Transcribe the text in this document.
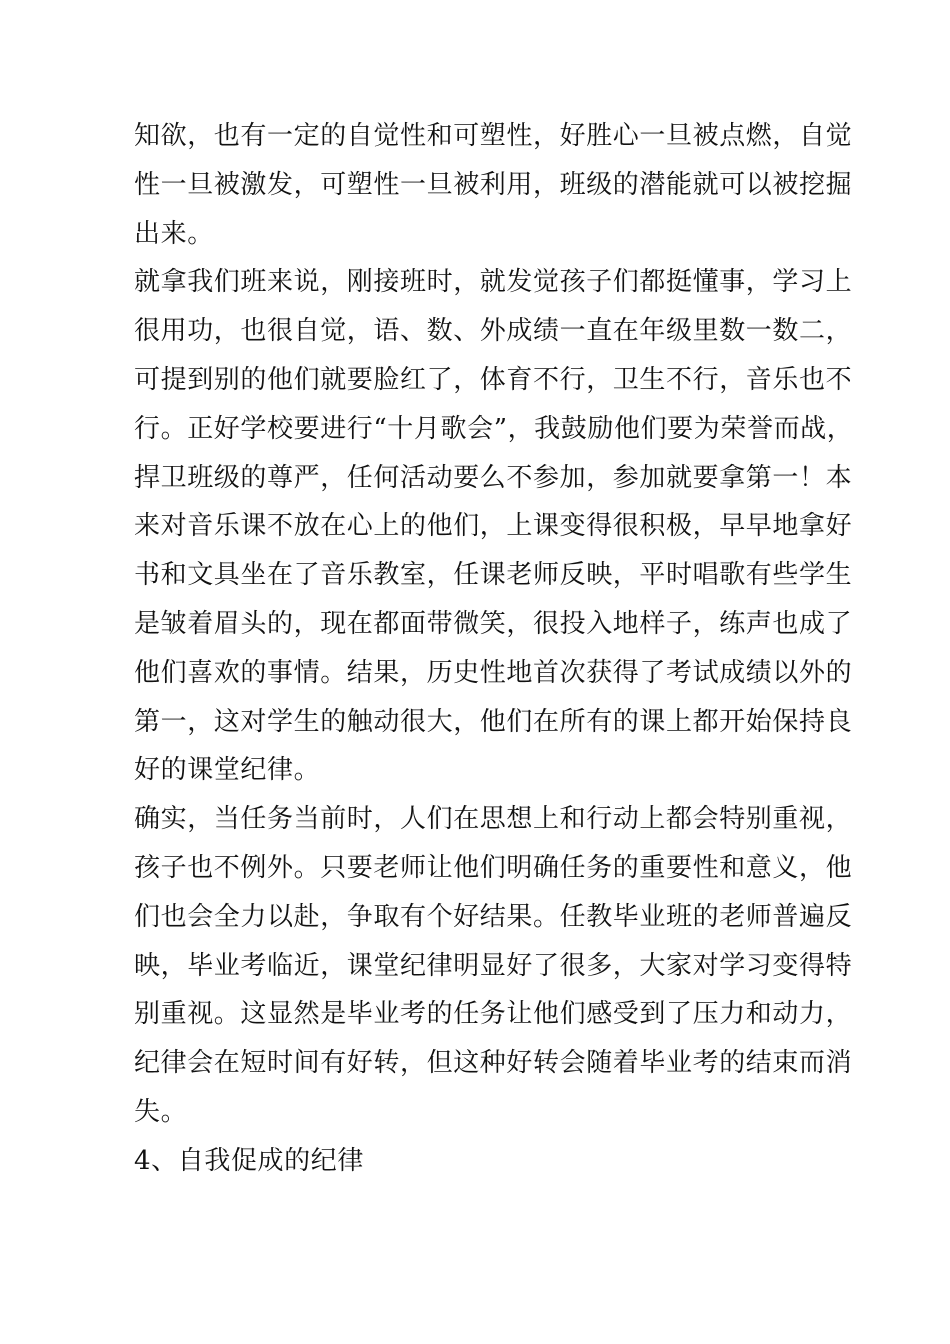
知欲，也有一定的自觉性和可塑性，好胜心一旦被点燃，自觉
性一旦被激发，可塑性一旦被利用，班级的潜能就可以被挖掘
出来。
就拿我们班来说，刚接班时，就发觉孩子们都挺懂事，学习上
很用功，也很自觉，语、数、外成绩一直在年级里数一数二，
可提到别的他们就要脸红了，体育不行，卫生不行，音乐也不
行。正好学校要进行“十月歌会”，我鼓励他们要为荣誉而战，
捍卫班级的尊严，任何活动要么不参加，参加就要拿第一！本
来对音乐课不放在心上的他们，上课变得很积极，早早地拿好
书和文具坐在了音乐教室，任课老师反映，平时唱歌有些学生
是皱着眉头的，现在都面带微笑，很投入地样子，练声也成了
他们喜欢的事情。结果，历史性地首次获得了考试成绩以外的
第一，这对学生的触动很大，他们在所有的课上都开始保持良
好的课堂纪律。
确实，当任务当前时，人们在思想上和行动上都会特别重视，
孩子也不例外。只要老师让他们明确任务的重要性和意义，他
们也会全力以赴，争取有个好结果。任教毕业班的老师普遍反
映，毕业考临近，课堂纪律明显好了很多，大家对学习变得特
别重视。这显然是毕业考的任务让他们感受到了压力和动力，
纪律会在短时间有好转，但这种好转会随着毕业考的结束而消
失。
4、自我促成的纪律
